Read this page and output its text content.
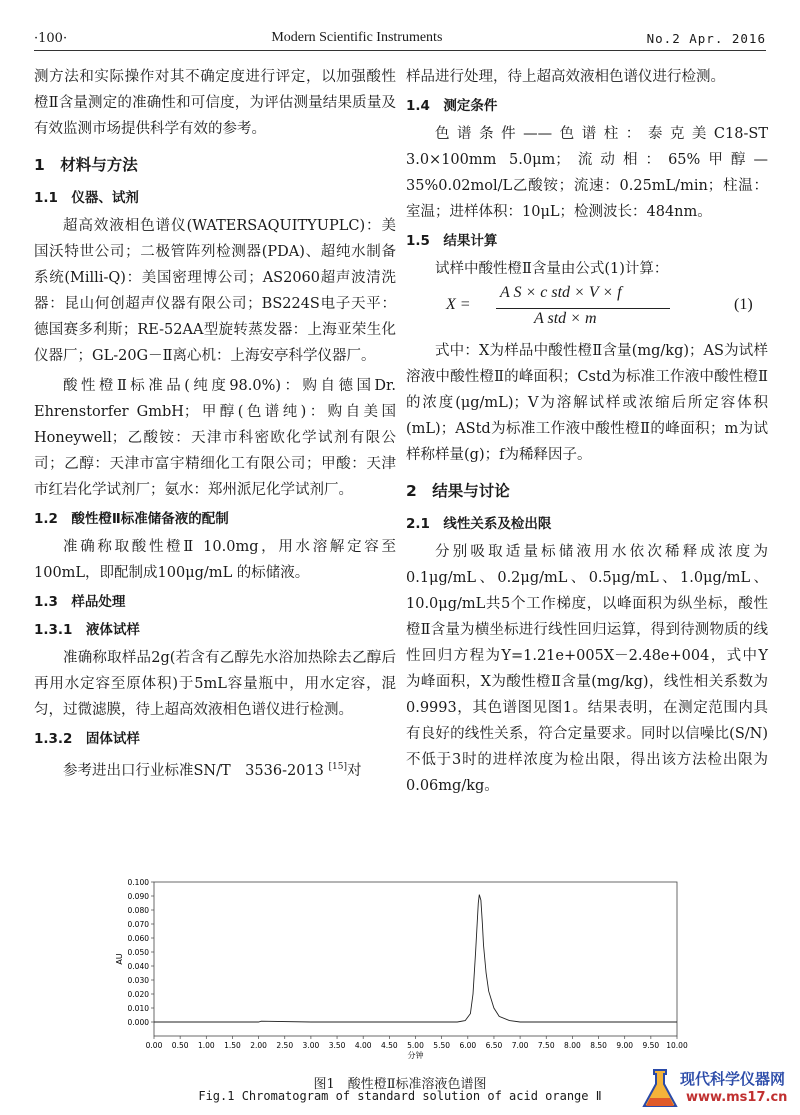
·100·	Modern Scientific Instruments	No.2 Apr. 2016

测方法和实际操作对其不确定度进行评定，以加强酸性橙Ⅱ含量测定的准确性和可信度，为评估测量结果质量及有效监测市场提供科学有效的参考。

1　材料与方法
1.1　仪器、试剂

超高效液相色谱仪(WATERSAQUITYUPLC)：美国沃特世公司；二极管阵列检测器(PDA)、超纯水制备系统(Milli-Q)：美国密理博公司；AS2060超声波清洗器：昆山何创超声仪器有限公司；BS224S电子天平：德国赛多利斯；RE-52AA型旋转蒸发器：上海亚荣生化仪器厂；GL-20G－Ⅱ离心机：上海安亭科学仪器厂。

酸性橙Ⅱ标准品(纯度98.0%)：购自德国Dr. Ehrenstorfer GmbH；甲醇(色谱纯)：购自美国Honeywell；乙酸铵：天津市科密欧化学试剂有限公司；乙醇：天津市富宇精细化工有限公司；甲酸：天津市红岩化学试剂厂；氨水：郑州派尼化学试剂厂。

1.2　酸性橙Ⅱ标准储备液的配制

准确称取酸性橙Ⅱ 10.0mg，用水溶解定容至100mL，即配制成100μg/mL 的标储液。

1.3　样品处理
1.3.1　液体试样

准确称取样品2g(若含有乙醇先水浴加热除去乙醇后再用水定容至原体积)于5mL容量瓶中，用水定容，混匀，过微滤膜，待上超高效液相色谱仪进行检测。

1.3.2　固体试样

参考进出口行业标准SN/T　3536-2013 [15]对

样品进行处理，待上超高效液相色谱仪进行检测。

1.4　测定条件

色谱条件——色谱柱：泰克美C18-ST 3.0×100mm 5.0μm；流动相：65%甲醇—35%0.02mol/L乙酸铵；流速：0.25mL/min；柱温：室温；进样体积：10μL；检测波长：484nm。

1.5　结果计算

试样中酸性橙Ⅱ含量由公式(1)计算：

X =
A S × c std × V × f
A std × m
(1)

式中：X为样品中酸性橙Ⅱ含量(mg/kg)；AS为试样溶液中酸性橙Ⅱ的峰面积；Cstd为标准工作液中酸性橙Ⅱ的浓度(μg/mL)；V为溶解试样或浓缩后所定容体积(mL)；AStd为标准工作液中酸性橙Ⅱ的峰面积；m为试样称样量(g)；f为稀释因子。

2　结果与讨论
2.1　线性关系及检出限

分别吸取适量标储液用水依次稀释成浓度为0.1μg/mL、0.2μg/mL、0.5μg/mL、1.0μg/mL、10.0μg/mL共5个工作梯度，以峰面积为纵坐标，酸性橙Ⅱ含量为横坐标进行线性回归运算，得到待测物质的线性回归方程为Y=1.21e+005X－2.48e+004，式中Y为峰面积，X为酸性橙Ⅱ含量(mg/kg)，线性相关系数为0.9993，其色谱图见图1。结果表明，在测定范围内具有良好的线性关系，符合定量要求。同时以信噪比(S/N)不低于3时的进样浓度为检出限，得出该方法检出限为0.06mg/kg。

0.000
0.010
0.020
0.030
0.040
0.050
0.060
0.070
0.080
0.090
0.100
0.00 0.50 1.00 1.50 2.00 2.50 3.00 3.50 4.00 4.50 5.00 5.50 6.00 6.50 7.00 7.50 8.00 8.50 9.00 9.50 10.00
分钟
AU
图1　酸性橙Ⅱ标准溶液色谱图
Fig.1 Chromatogram of standard solution of acid orange Ⅱ
现代科学仪器网
www.ms17.cn
